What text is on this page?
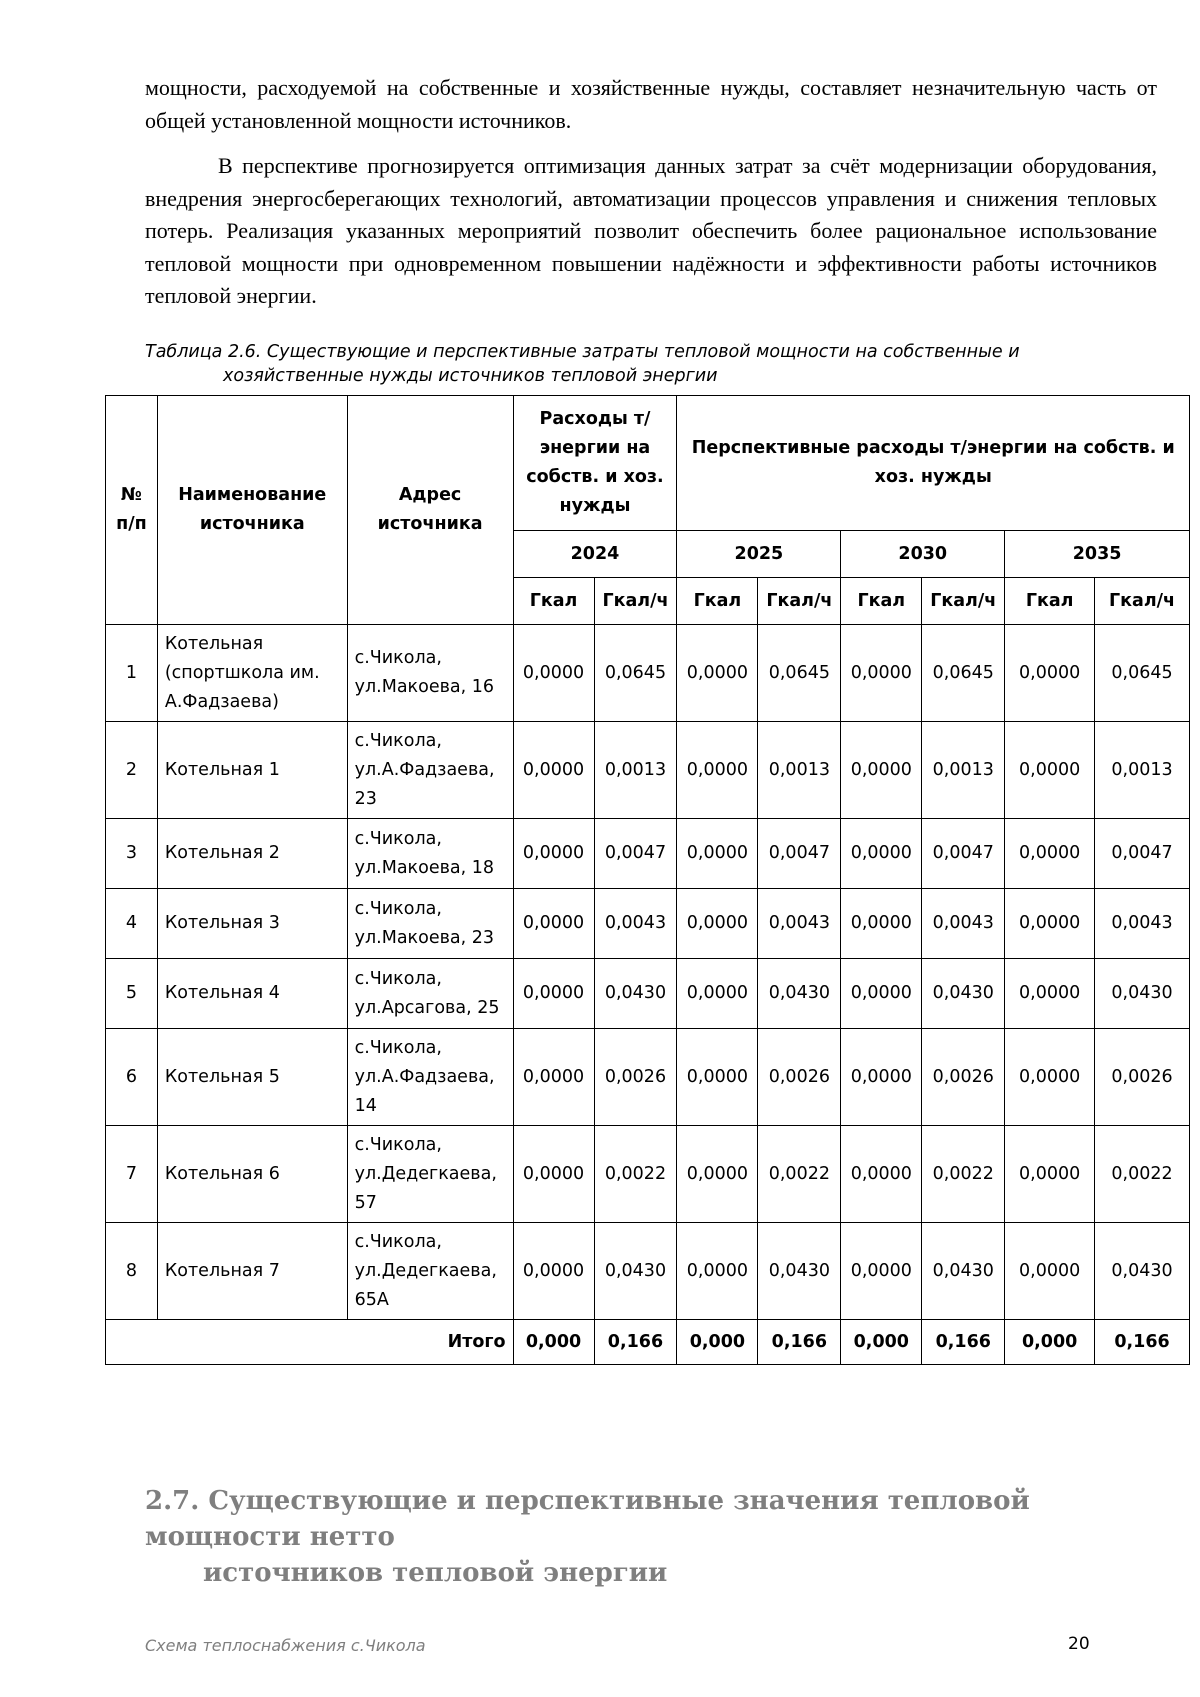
мощности, расходуемой на собственные и хозяйственные нужды, составляет незначительную часть от общей установленной мощности источников.

В перспективе прогнозируется оптимизация данных затрат за счёт модернизации оборудования, внедрения энергосберегающих технологий, автоматизации процессов управления и снижения тепловых потерь. Реализация указанных мероприятий позволит обеспечить более рациональное использование тепловой мощности при одновременном повышении надёжности и эффективности работы источников тепловой энергии.

Таблица 2.6. Существующие и перспективные затраты тепловой мощности на собственные и
хозяйственные нужды источников тепловой энергии

№ п/п	Наименование источника	Адрес источника	Расходы т/энергии на собств. и хоз. нужды		Перспективные расходы т/энергии на собств. и хоз. нужды					
			2024		2025		2030		2035	
			Гкал	Гкал/ч	Гкал	Гкал/ч	Гкал	Гкал/ч	Гкал	Гкал/ч
1	Котельная (спортшкола им. А.Фадзаева)	с.Чикола, ул.Макоева, 16	0,0000	0,0645	0,0000	0,0645	0,0000	0,0645	0,0000	0,0645
2	Котельная 1	с.Чикола, ул.А.Фадзаева, 23	0,0000	0,0013	0,0000	0,0013	0,0000	0,0013	0,0000	0,0013
3	Котельная 2	с.Чикола, ул.Макоева, 18	0,0000	0,0047	0,0000	0,0047	0,0000	0,0047	0,0000	0,0047
4	Котельная 3	с.Чикола, ул.Макоева, 23	0,0000	0,0043	0,0000	0,0043	0,0000	0,0043	0,0000	0,0043
5	Котельная 4	с.Чикола, ул.Арсагова, 25	0,0000	0,0430	0,0000	0,0430	0,0000	0,0430	0,0000	0,0430
6	Котельная 5	с.Чикола, ул.А.Фадзаева, 14	0,0000	0,0026	0,0000	0,0026	0,0000	0,0026	0,0000	0,0026
7	Котельная 6	с.Чикола, ул.Дедегкаева, 57	0,0000	0,0022	0,0000	0,0022	0,0000	0,0022	0,0000	0,0022
8	Котельная 7	с.Чикола, ул.Дедегкаева, 65А	0,0000	0,0430	0,0000	0,0430	0,0000	0,0430	0,0000	0,0430
Итого			0,000	0,166	0,000	0,166	0,000	0,166	0,000	0,166
2.7. Существующие и перспективные значения тепловой мощности нетто
источников тепловой энергии
Схема теплоснабжения с.Чикола	20
